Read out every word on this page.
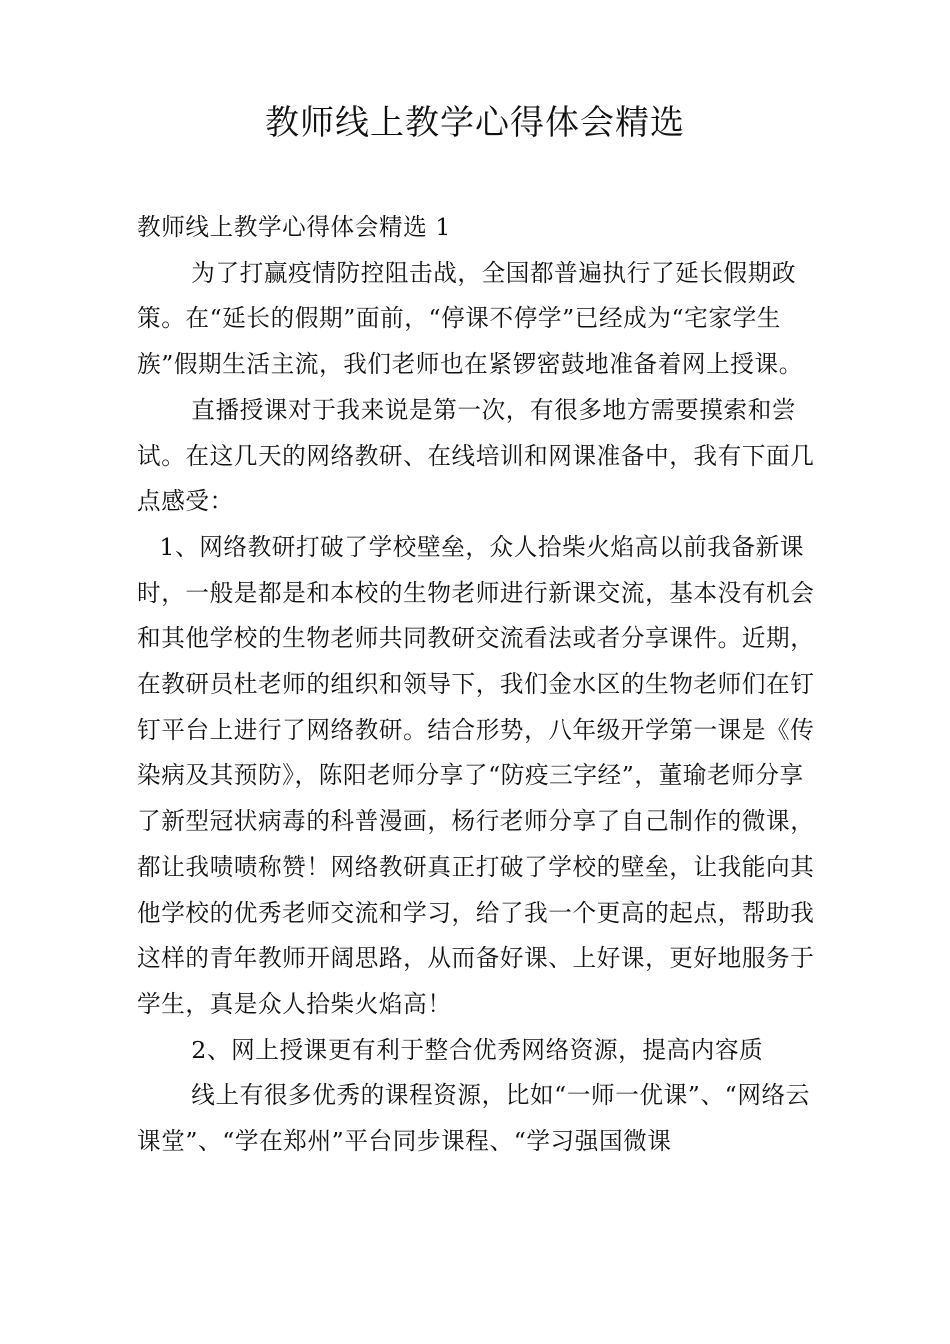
教师线上教学心得体会精选

教师线上教学心得体会精选 1

为了打赢疫情防控阻击战，全国都普遍执行了延长假期政策。在“延长的假期”面前，“停课不停学”已经成为“宅家学生族”假期生活主流，我们老师也在紧锣密鼓地准备着网上授课。

直播授课对于我来说是第一次，有很多地方需要摸索和尝试。在这几天的网络教研、在线培训和网课准备中，我有下面几点感受：

1、网络教研打破了学校壁垒，众人拾柴火焰高以前我备新课时，一般是都是和本校的生物老师进行新课交流，基本没有机会和其他学校的生物老师共同教研交流看法或者分享课件。近期，在教研员杜老师的组织和领导下，我们金水区的生物老师们在钉钉平台上进行了网络教研。结合形势，八年级开学第一课是《传染病及其预防》，陈阳老师分享了“防疫三字经”，董瑜老师分享了新型冠状病毒的科普漫画，杨行老师分享了自己制作的微课，都让我啧啧称赞！网络教研真正打破了学校的壁垒，让我能向其他学校的优秀老师交流和学习，给了我一个更高的起点，帮助我这样的青年教师开阔思路，从而备好课、上好课，更好地服务于学生，真是众人拾柴火焰高！

2、网上授课更有利于整合优秀网络资源，提高内容质

线上有很多优秀的课程资源，比如“一师一优课”、“网络云课堂”、“学在郑州”平台同步课程、“学习强国微课
